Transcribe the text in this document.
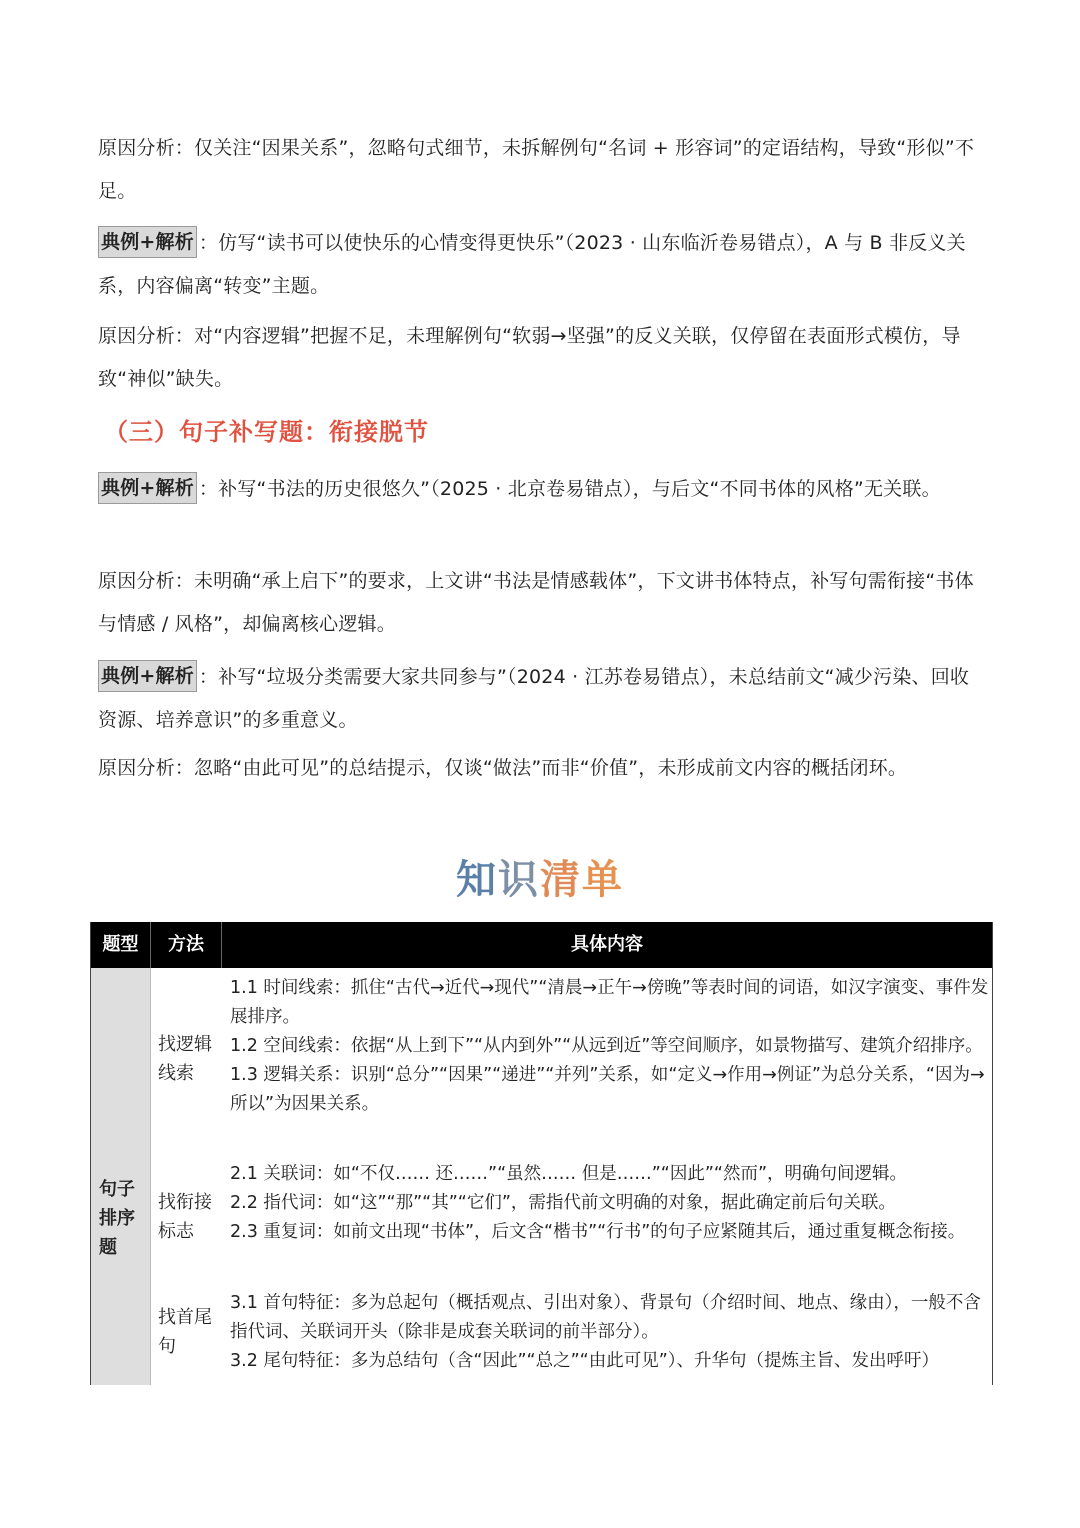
原因分析：仅关注“因果关系”，忽略句式细节，未拆解例句“名词 + 形容词”的定语结构，导致“形似”不足。

典例+解析 ：仿写“读书可以使快乐的心情变得更快乐”（2023 · 山东临沂卷易错点），A 与 B 非反义关系，内容偏离“转变”主题。

原因分析：对“内容逻辑”把握不足，未理解例句“软弱→坚强”的反义关联，仅停留在表面形式模仿，导致“神似”缺失。

（三）句子补写题：衔接脱节

典例+解析 ：补写“书法的历史很悠久”（2025 · 北京卷易错点），与后文“不同书体的风格”无关联。

原因分析：未明确“承上启下”的要求，上文讲“书法是情感载体”，下文讲书体特点，补写句需衔接“书体与情感 / 风格”，却偏离核心逻辑。

典例+解析 ：补写“垃圾分类需要大家共同参与”（2024 · 江苏卷易错点），未总结前文“减少污染、回收资源、培养意识”的多重意义。

原因分析：忽略“由此可见”的总结提示，仅谈“做法”而非“价值”，未形成前文内容的概括闭环。

知识清单
题型	方法	具体内容
句子
排序
题
找逻辑
线索

1.1 时间线索：抓住“古代→近代→现代”“清晨→正午→傍晚”等表时间的词语，如汉字演变、事件发展排序。

1.2 空间线索：依据“从上到下”“从内到外”“从远到近”等空间顺序，如景物描写、建筑介绍排序。

1.3 逻辑关系：识别“总分”“因果”“递进”“并列”关系，如“定义→作用→例证”为总分关系，“因为→所以”为因果关系。

找衔接
标志

2.1 关联词：如“不仅…… 还……”“虽然…… 但是……”“因此”“然而”，明确句间逻辑。

2.2 指代词：如“这”“那”“其”“它们”，需指代前文明确的对象，据此确定前后句关联。

2.3 重复词：如前文出现“书体”，后文含“楷书”“行书”的句子应紧随其后，通过重复概念衔接。

找首尾
句

3.1 首句特征：多为总起句（概括观点、引出对象）、背景句（介绍时间、地点、缘由），一般不含指代词、关联词开头（除非是成套关联词的前半部分）。

3.2 尾句特征：多为总结句（含“因此”“总之”“由此可见”）、升华句（提炼主旨、发出呼吁）
